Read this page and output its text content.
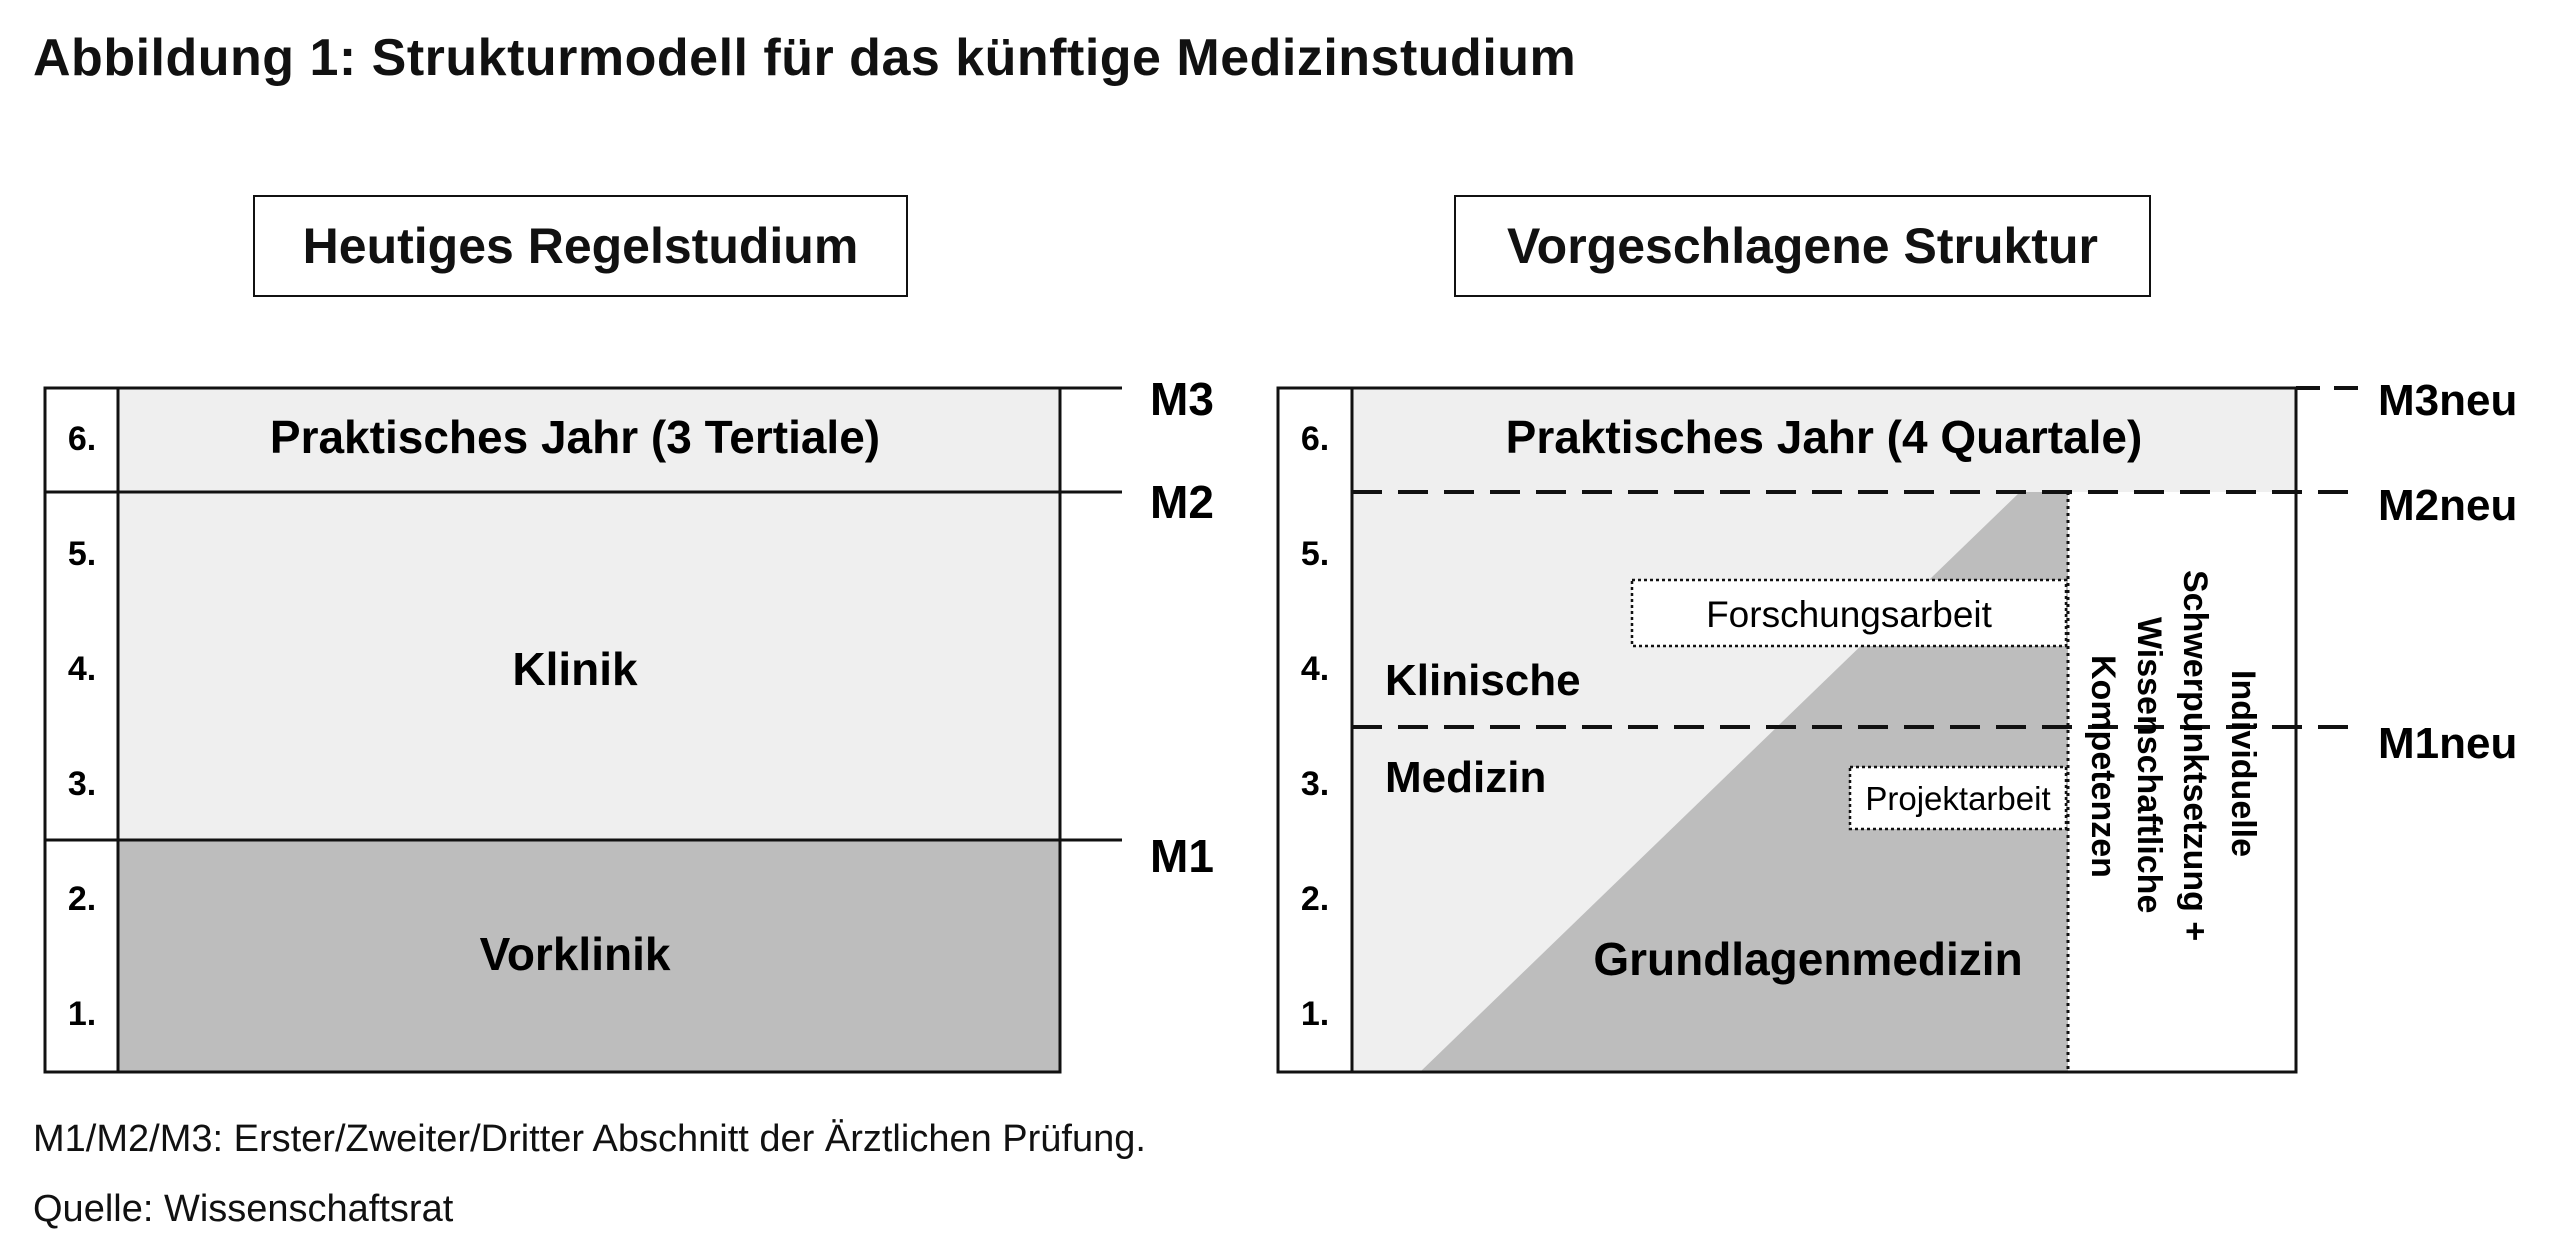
Abbildung 1: Strukturmodell für das künftige Medizinstudium
Heutiges Regelstudium	Vorgeschlagene Struktur
6.
5.
4.
3.
2.
1.
Praktisches Jahr (3 Tertiale)
Klinik
Vorklinik
M3
M2
M1
6.
5.
4.
3.
2.
1.
Praktisches Jahr (4 Quartale)
Klinische
Medizin
Grundlagenmedizin
Forschungsarbeit
Projektarbeit Kompetenzen Wissenschaftliche Schwerpunktsetzung + Individuelle
M3neu
M2neu
M1neu
M1/M2/M3: Erster/Zweiter/Dritter Abschnitt der Ärztlichen Prüfung.
Quelle: Wissenschaftsrat
